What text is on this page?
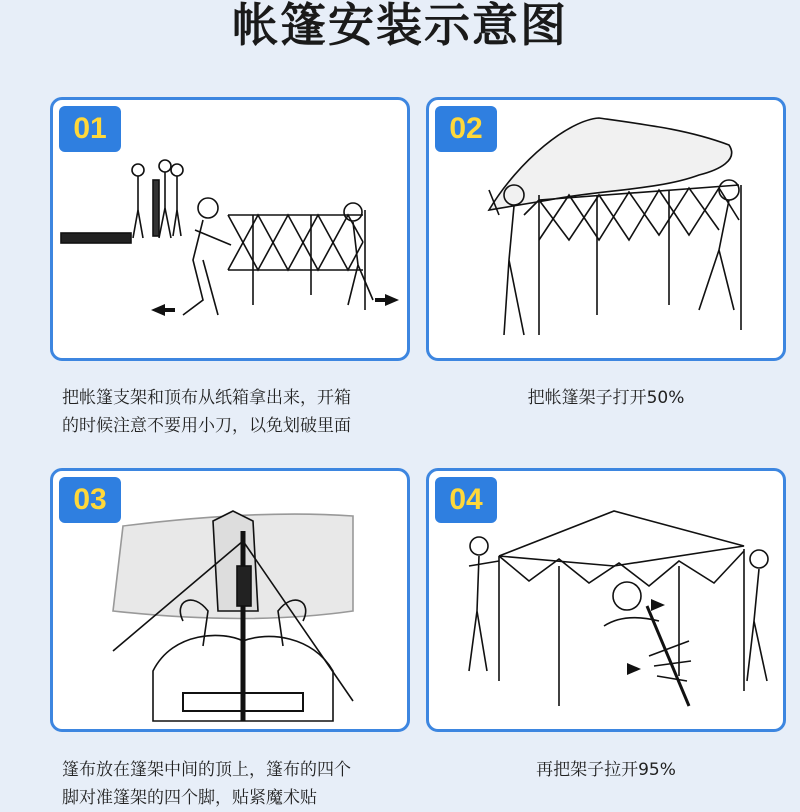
帐篷安装示意图
01
把帐篷支架和顶布从纸箱拿出来，开箱
的时候注意不要用小刀，以免划破里面
02
把帐篷架子打开50%
03
篷布放在篷架中间的顶上，篷布的四个
脚对准篷架的四个脚，贴紧魔术贴
04
再把架子拉开95%
